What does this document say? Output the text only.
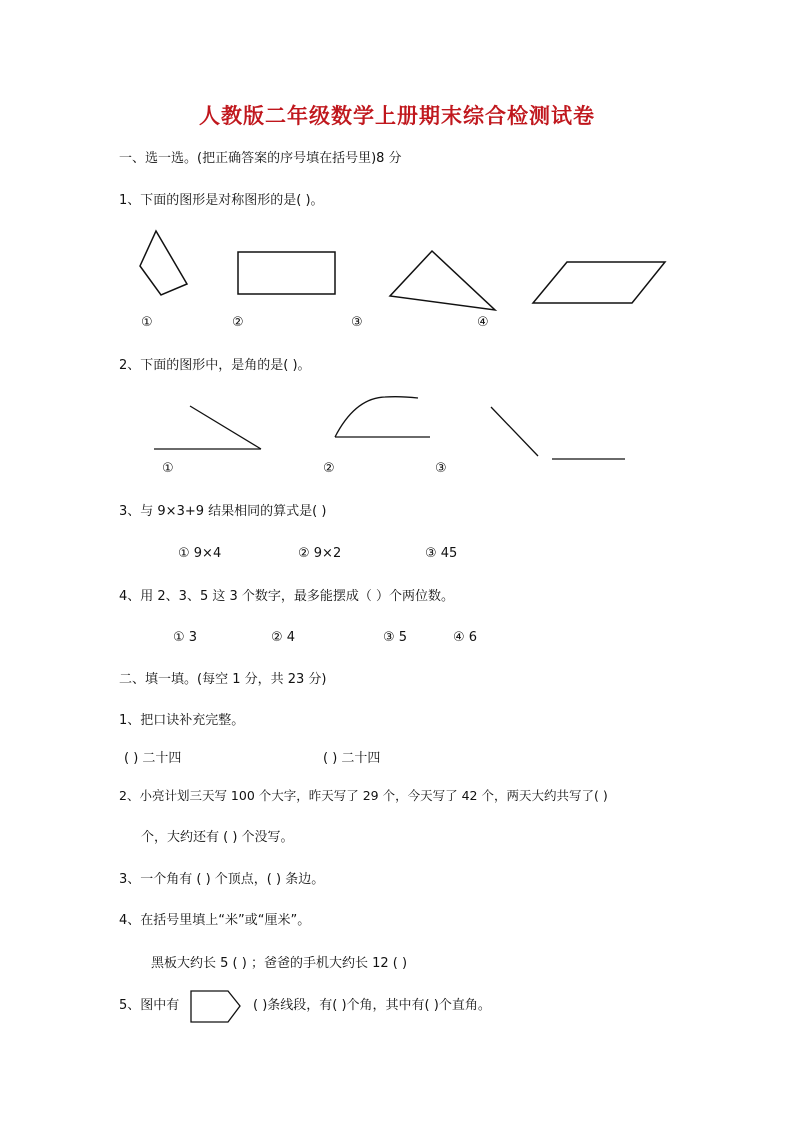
人教版二年级数学上册期末综合检测试卷
一、选一选。(把正确答案的序号填在括号里)8 分
1、下面的图形是对称图形的是( )。
①	②	③	④
2、下面的图形中，是角的是( )。
①	②	③
3、与 9×3+9 结果相同的算式是( )
① 9×4	② 9×2	③ 45
4、用 2、3、5 这 3 个数字，最多能摆成（ ）个两位数。
① 3	② 4	③ 5	④ 6
二、填一填。(每空 1 分，共 23 分)
1、把口诀补充完整。
( ) 二十四	( ) 二十四
2、小亮计划三天写 100 个大字，昨天写了 29 个，今天写了 42 个，两天大约共写了( )
个，大约还有 ( ) 个没写。
3、一个角有 ( ) 个顶点，( ) 条边。
4、在括号里填上“米”或“厘米”。
黑板大约长 5 ( ) ；爸爸的手机大约长 12 ( )
5、图中有	( )条线段，有( )个角，其中有( )个直角。
